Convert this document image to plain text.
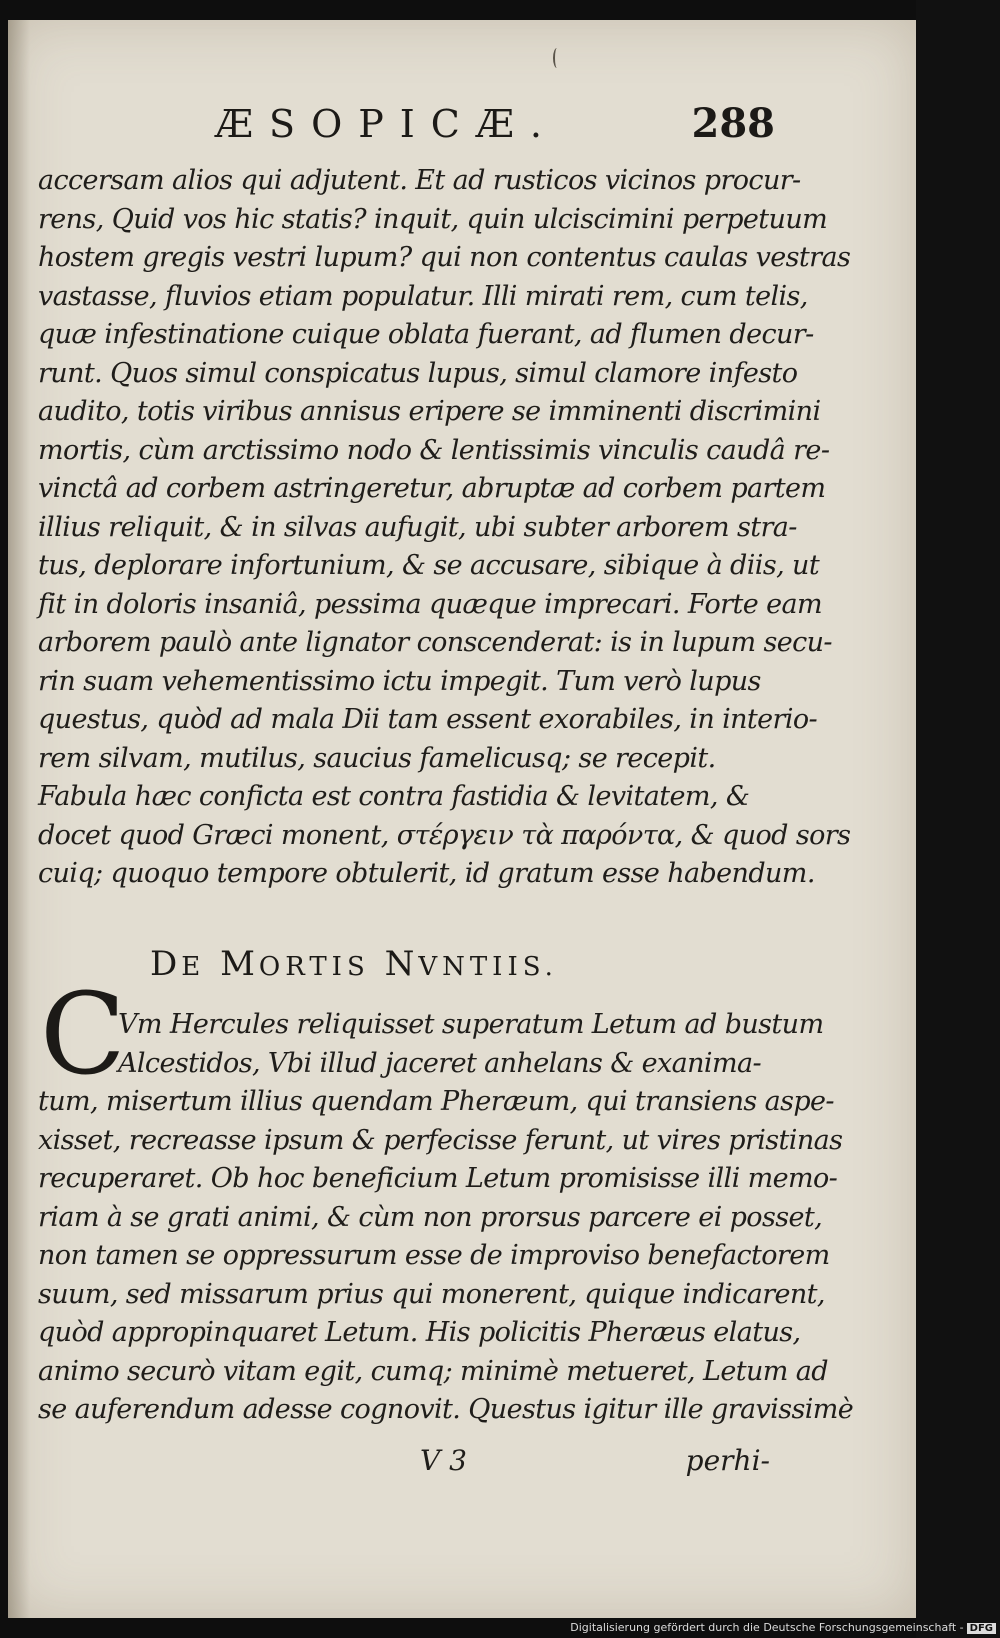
ÆSOPICÆ.	288
accersam alios qui adjutent. Et ad rusticos vicinos procur-
rens, Quid vos hic statis? inquit, quin ulciscimini perpetuum
hostem gregis vestri lupum? qui non contentus caulas vestras
vastasse, fluvios etiam populatur. Illi mirati rem, cum telis,
quæ infestinatione cuique oblata fuerant, ad flumen decur-
runt. Quos simul conspicatus lupus, simul clamore infesto
audito, totis viribus annisus eripere se imminenti discrimini
mortis, cùm arctissimo nodo & lentissimis vinculis caudâ re-
vinctâ ad corbem astringeretur, abruptæ ad corbem partem
illius reliquit, & in silvas aufugit, ubi subter arborem stra-
tus, deplorare infortunium, & se accusare, sibique à diis, ut
fit in doloris insaniâ, pessima quæque imprecari. Forte eam
arborem paulò ante lignator conscenderat: is in lupum secu-
rin suam vehementissimo ictu impegit. Tum verò lupus
questus, quòd ad mala Dii tam essent exorabiles, in interio-
rem silvam, mutilus, saucius famelicusq; se recepit.
Fabula hæc conficta est contra fastidia & levitatem, &
docet quod Græci monent, στέργειν τὰ παρόντα, & quod sors
cuiq; quoquo tempore obtulerit, id gratum esse habendum.
DE MORTIS NVNTIIS.
C
Vm Hercules reliquisset superatum Letum ad bustum
Alcestidos, Vbi illud jaceret anhelans & exanima-
tum, misertum illius quendam Pheræum, qui transiens aspe-
xisset, recreasse ipsum & perfecisse ferunt, ut vires pristinas
recuperaret. Ob hoc beneficium Letum promisisse illi memo-
riam à se grati animi, & cùm non prorsus parcere ei posset,
non tamen se oppressurum esse de improviso benefactorem
suum, sed missarum prius qui monerent, quique indicarent,
quòd appropinquaret Letum. His policitis Pheræus elatus,
animo securò vitam egit, cumq; minimè metueret, Letum ad
se auferendum adesse cognovit. Questus igitur ille gravissimè
V 3	perhi-
Digitalisierung gefördert durch die Deutsche Forschungsgemeinschaft - DFG
